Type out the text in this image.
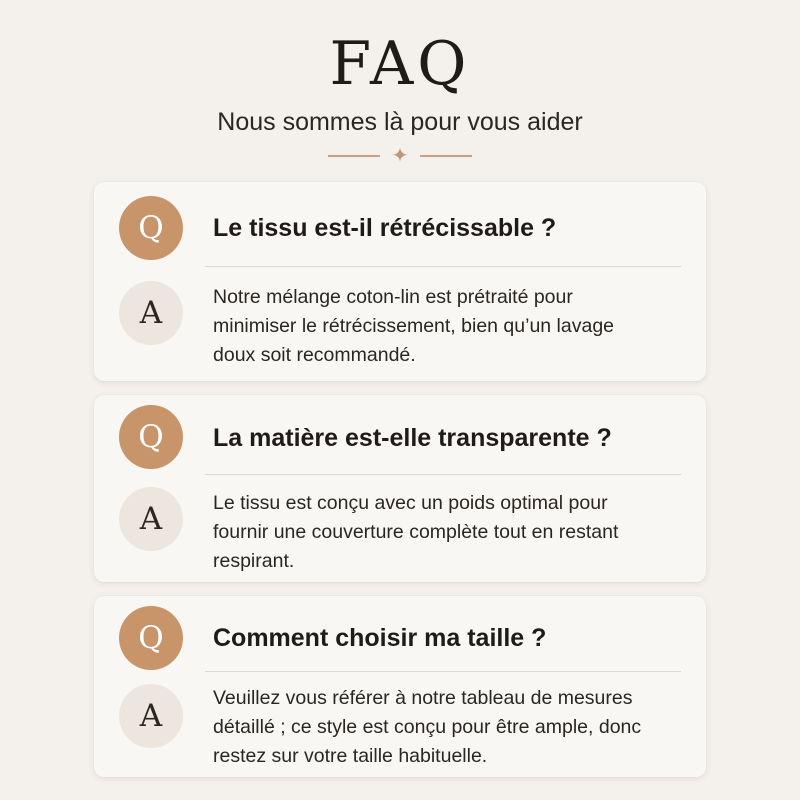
FAQ
Nous sommes là pour vous aider
✦
Q	Le tissu est-il rétrécissable ?
A	Notre mélange coton-lin est prétraité pour
minimiser le rétrécissement, bien qu’un lavage
doux soit recommandé.
Q	La matière est-elle transparente ?
A	Le tissu est conçu avec un poids optimal pour
fournir une couverture complète tout en restant
respirant.
Q	Comment choisir ma taille ?
A	Veuillez vous référer à notre tableau de mesures
détaillé ; ce style est conçu pour être ample, donc
restez sur votre taille habituelle.
